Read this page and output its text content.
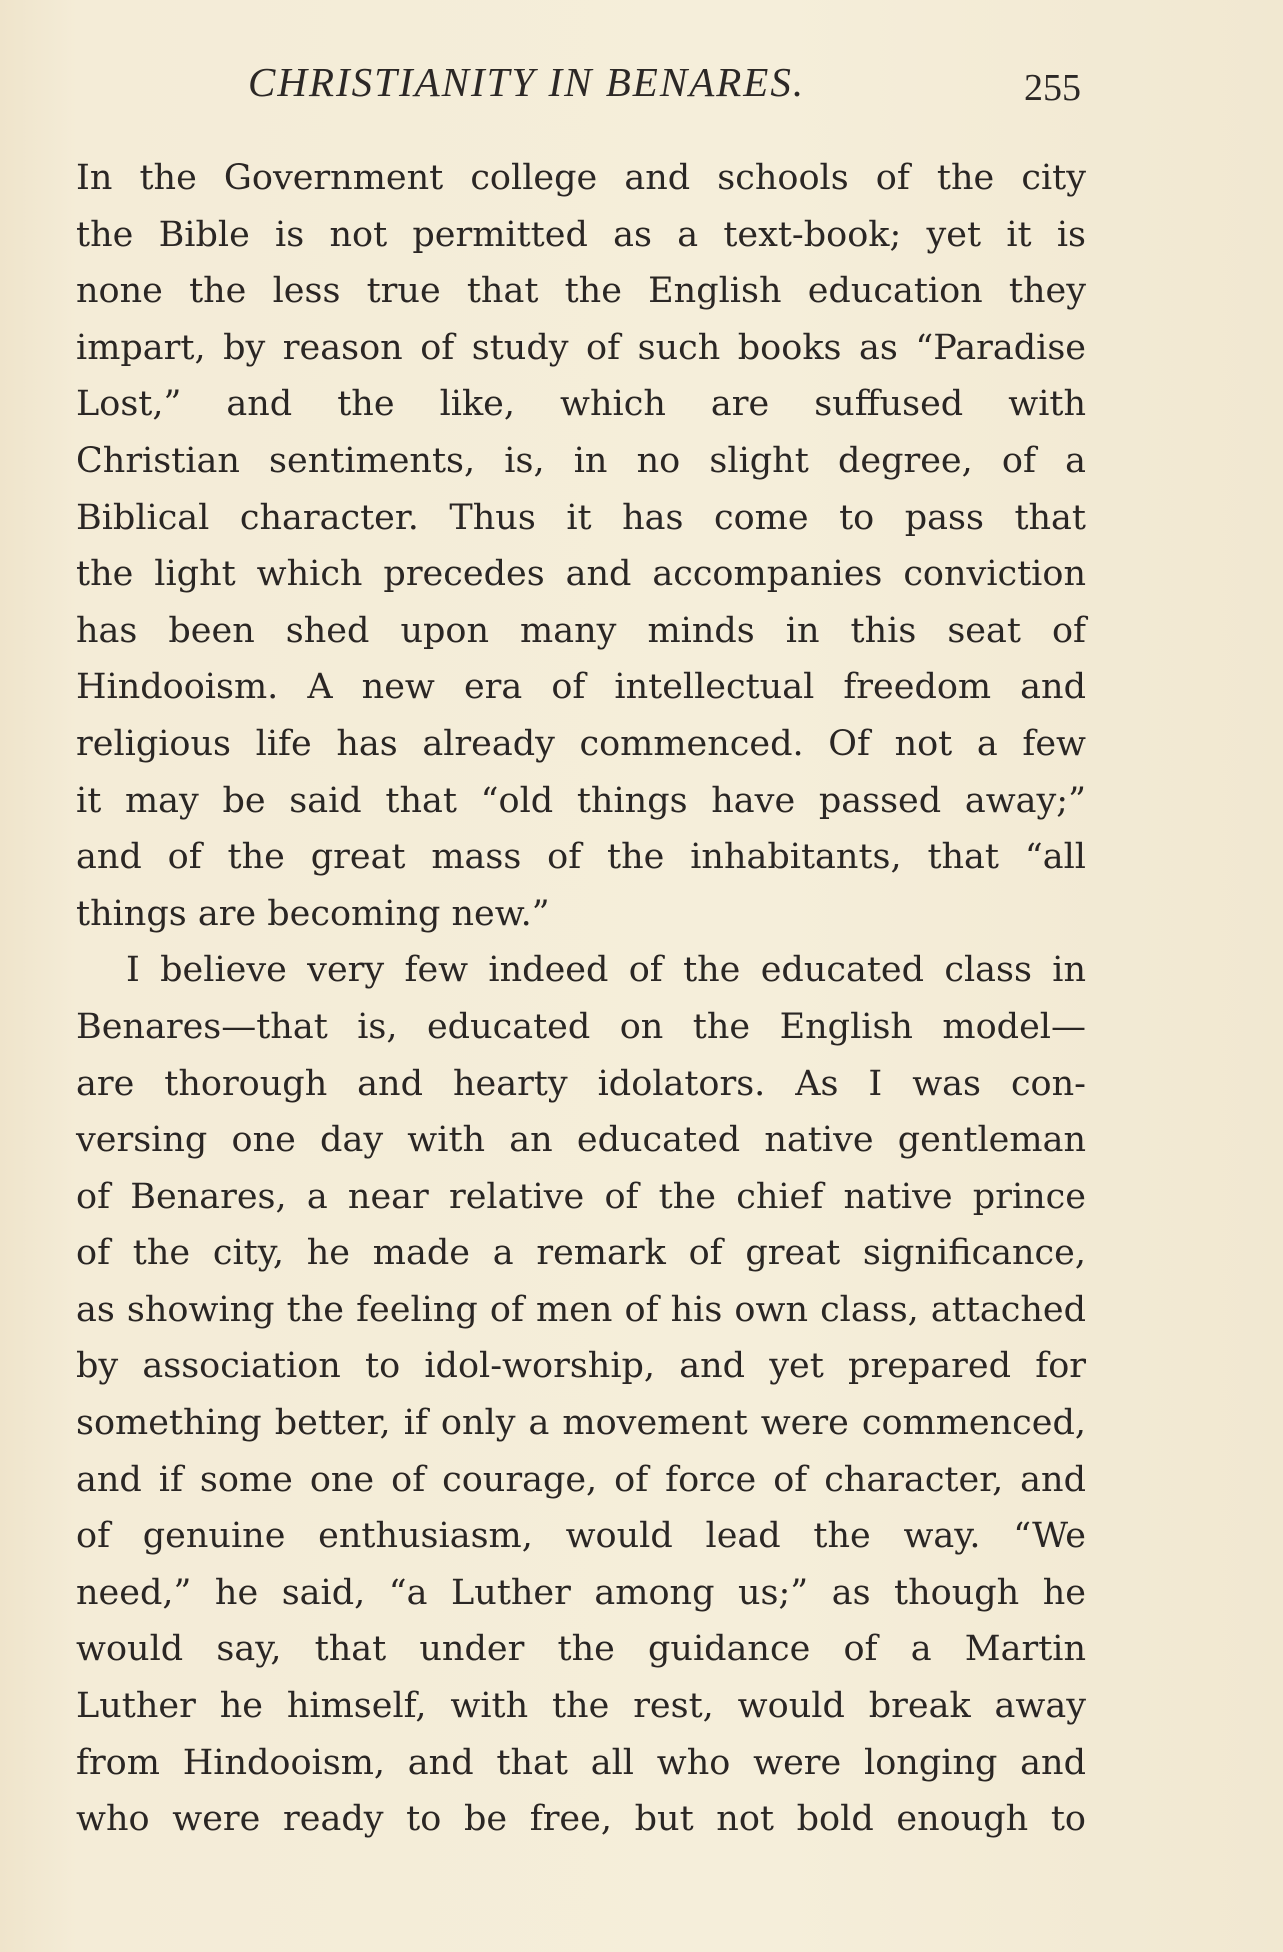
CHRISTIANITY IN BENARES.	255
In the Government college and schools of the city
the Bible is not permitted as a text-book; yet it is
none the less true that the English education they
impart, by reason of study of such books as “Paradise
Lost,” and the like, which are suffused with
Christian sentiments, is, in no slight degree, of a
Biblical character. Thus it has come to pass that
the light which precedes and accompanies conviction
has been shed upon many minds in this seat of
Hindooism. A new era of intellectual freedom and
religious life has already commenced. Of not a few
it may be said that “old things have passed away;”
and of the great mass of the inhabitants, that “all
things are becoming new.”
I believe very few indeed of the educated class in
Benares—that is, educated on the English model—
are thorough and hearty idolators. As I was con-
versing one day with an educated native gentleman
of Benares, a near relative of the chief native prince
of the city, he made a remark of great significance,
as showing the feeling of men of his own class, attached
by association to idol-worship, and yet prepared for
something better, if only a movement were commenced,
and if some one of courage, of force of character, and
of genuine enthusiasm, would lead the way. “We
need,” he said, “a Luther among us;” as though he
would say, that under the guidance of a Martin
Luther he himself, with the rest, would break away
from Hindooism, and that all who were longing and
who were ready to be free, but not bold enough to
